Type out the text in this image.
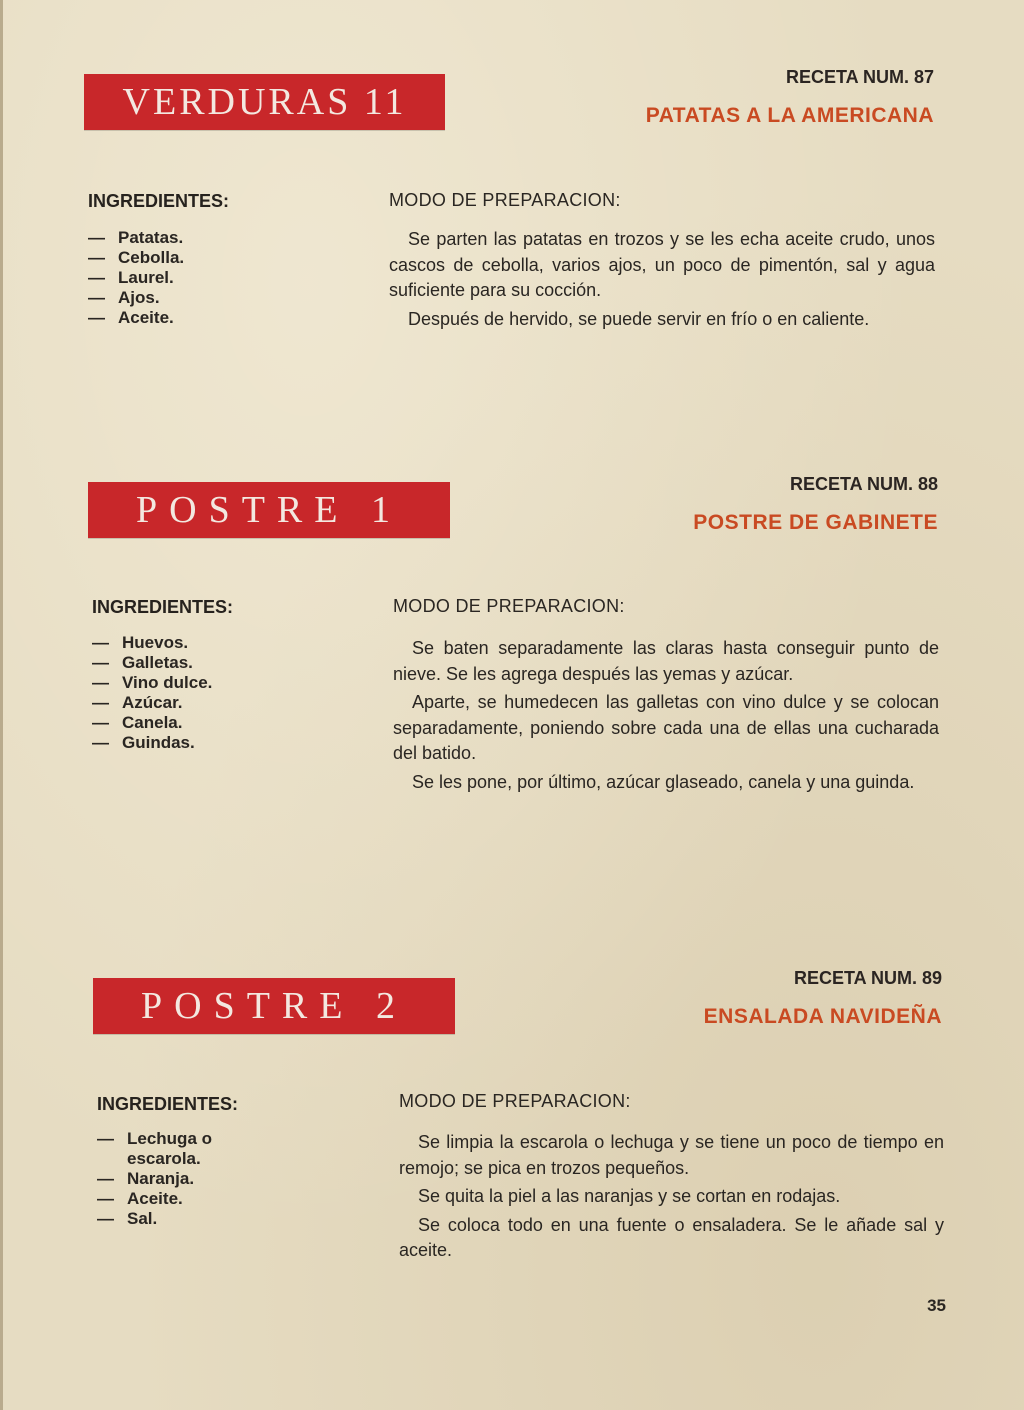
VERDURAS 11
RECETA NUM. 87
PATATAS A LA AMERICANA
INGREDIENTES:
— Patatas.
— Cebolla.
— Laurel.
— Ajos.
— Aceite.
MODO DE PREPARACION:

Se parten las patatas en trozos y se les echa aceite crudo, unos cascos de cebolla, varios ajos, un poco de pimentón, sal y agua suficiente para su cocción.

Después de hervido, se puede servir en frío o en caliente.

POSTRE 1
RECETA NUM. 88
POSTRE DE GABINETE
INGREDIENTES:
— Huevos.
— Galletas.
— Vino dulce.
— Azúcar.
— Canela.
— Guindas.
MODO DE PREPARACION:

Se baten separadamente las claras hasta conseguir punto de nieve. Se les agrega después las yemas y azúcar.

Aparte, se humedecen las galletas con vino dulce y se colocan separadamente, poniendo sobre cada una de ellas una cucharada del batido.

Se les pone, por último, azúcar glaseado, canela y una guinda.

POSTRE 2
RECETA NUM. 89
ENSALADA NAVIDEÑA
INGREDIENTES:
— Lechuga o escarola.
— Naranja.
— Aceite.
— Sal.
MODO DE PREPARACION:

Se limpia la escarola o lechuga y se tiene un poco de tiempo en remojo; se pica en trozos pequeños.

Se quita la piel a las naranjas y se cortan en rodajas.

Se coloca todo en una fuente o ensaladera. Se le añade sal y aceite.

35
